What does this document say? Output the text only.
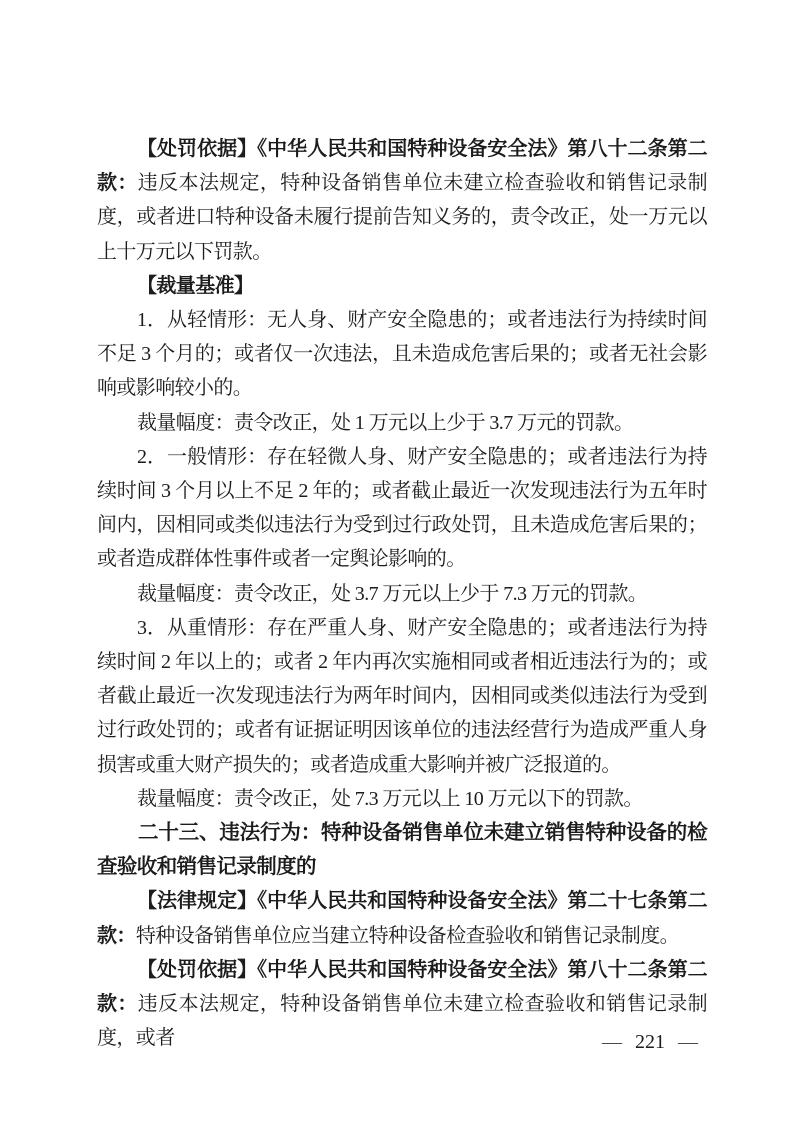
【处罚依据】《中华人民共和国特种设备安全法》第八十二条第二款：违反本法规定，特种设备销售单位未建立检查验收和销售记录制度，或者进口特种设备未履行提前告知义务的，责令改正，处一万元以上十万元以下罚款。

【裁量基准】

1．从轻情形：无人身、财产安全隐患的；或者违法行为持续时间不足 3 个月的；或者仅一次违法，且未造成危害后果的；或者无社会影响或影响较小的。

裁量幅度：责令改正，处 1 万元以上少于 3.7 万元的罚款。

2．一般情形：存在轻微人身、财产安全隐患的；或者违法行为持续时间 3 个月以上不足 2 年的；或者截止最近一次发现违法行为五年时间内，因相同或类似违法行为受到过行政处罚，且未造成危害后果的；或者造成群体性事件或者一定舆论影响的。

裁量幅度：责令改正，处 3.7 万元以上少于 7.3 万元的罚款。

3．从重情形：存在严重人身、财产安全隐患的；或者违法行为持续时间 2 年以上的；或者 2 年内再次实施相同或者相近违法行为的；或者截止最近一次发现违法行为两年时间内，因相同或类似违法行为受到过行政处罚的；或者有证据证明因该单位的违法经营行为造成严重人身损害或重大财产损失的；或者造成重大影响并被广泛报道的。

裁量幅度：责令改正，处 7.3 万元以上 10 万元以下的罚款。

二十三、违法行为：特种设备销售单位未建立销售特种设备的检查验收和销售记录制度的

【法律规定】《中华人民共和国特种设备安全法》第二十七条第二款：特种设备销售单位应当建立特种设备检查验收和销售记录制度。

【处罚依据】《中华人民共和国特种设备安全法》第八十二条第二款：违反本法规定，特种设备销售单位未建立检查验收和销售记录制度，或者	— 221 —
